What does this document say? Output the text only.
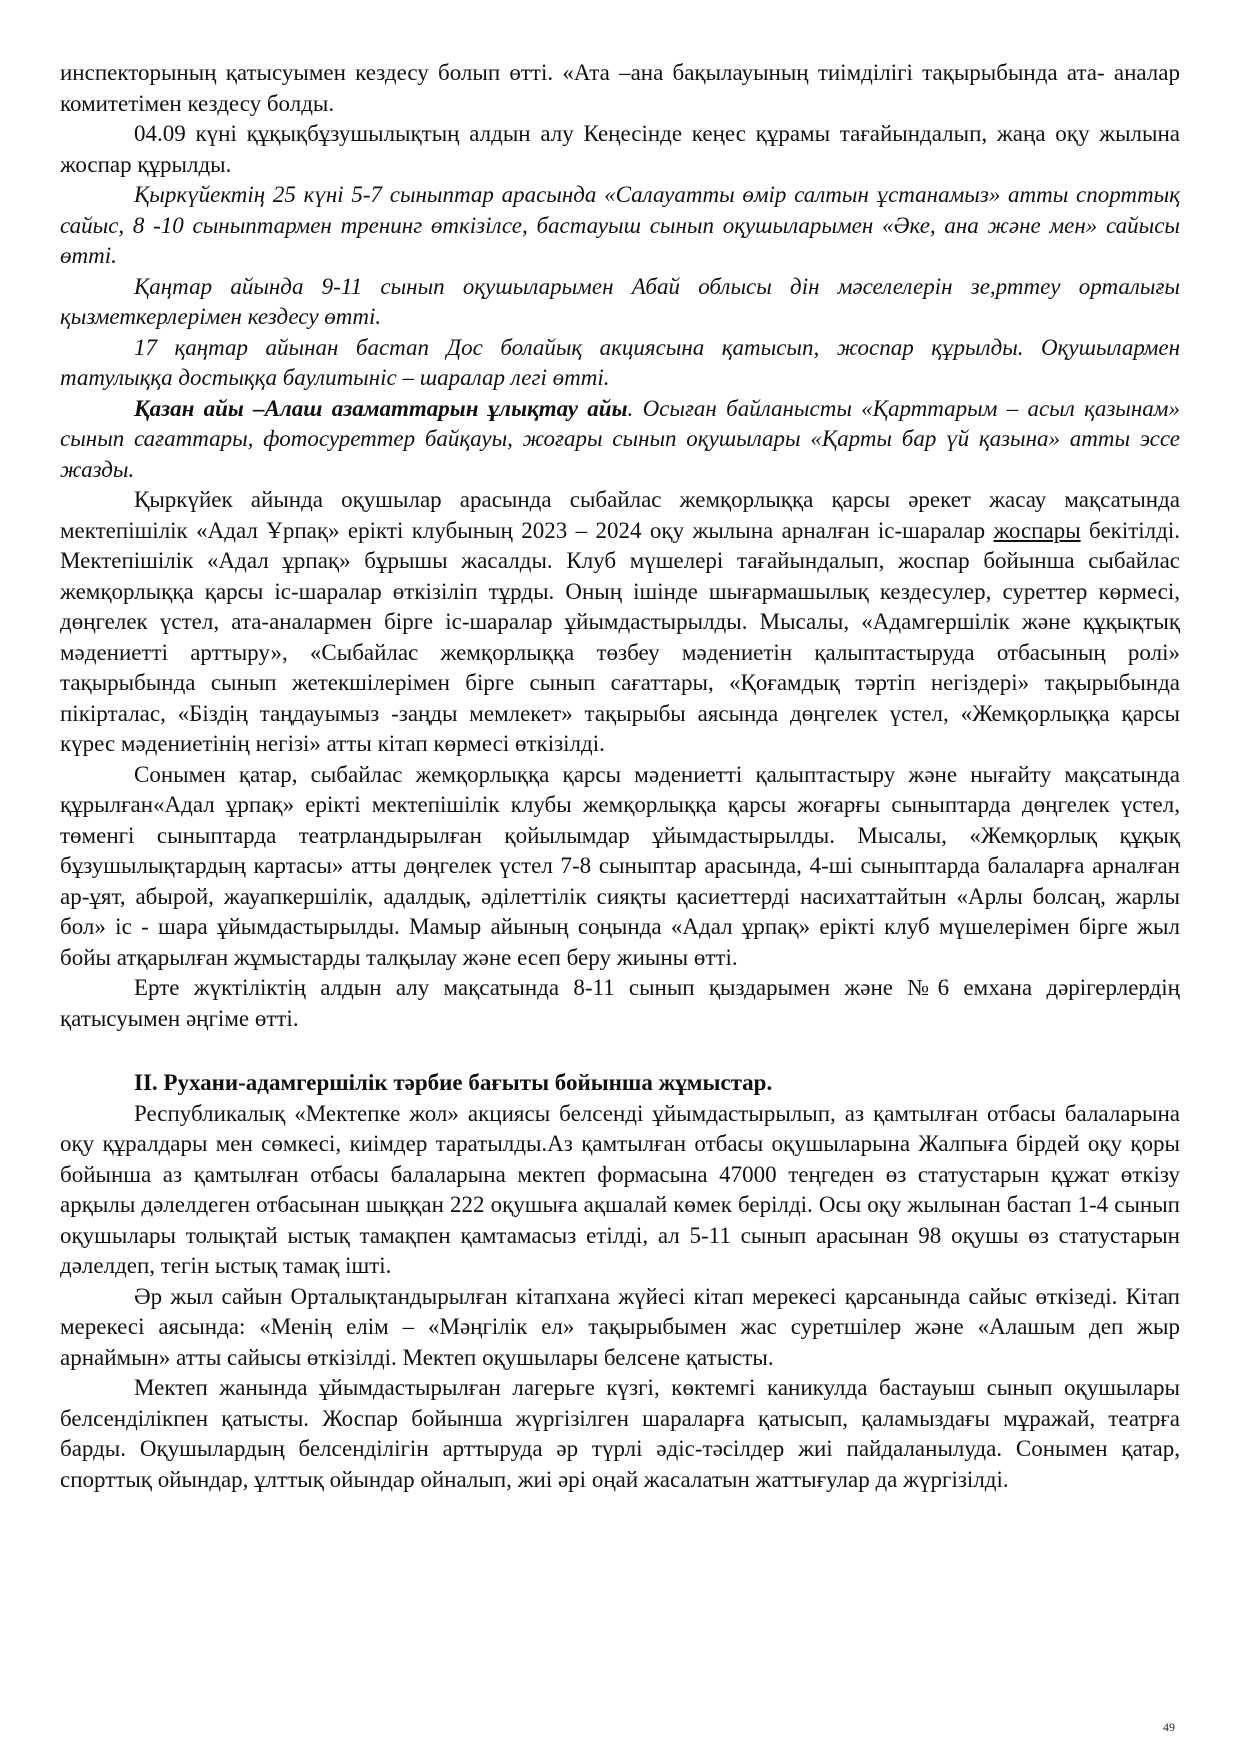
инспекторының қатысуымен кездесу болып өтті. «Ата –ана бақылауының тиімділігі тақырыбында ата- аналар комитетімен кездесу болды.

04.09 күні құқықбұзушылықтың алдын алу Кеңесінде кеңес құрамы тағайындалып, жаңа оқу жылына жоспар құрылды.

Қыркүйектің 25 күні 5-7 сыныптар арасында «Салауатты өмір салтын ұстанамыз» атты спорттық сайыс, 8 -10 сыныптармен тренинг өткізілсе, бастауыш сынып оқушыларымен «Әке, ана және мен» сайысы өтті.

Қаңтар айында 9-11 сынып оқушыларымен Абай облысы дін мәселелерін зе,рттеу орталығы қызметкерлерімен кездесу өтті.

17 қаңтар айынан бастап Дос болайық акциясына қатысып, жоспар құрылды. Оқушылармен татулыққа достыққа баулитыніс – шаралар легі өтті.

Қазан айы –Алаш азаматтарын ұлықтау айы. Осыған байланысты «Қарттарым – асыл қазынам» сынып сағаттары, фотосуреттер байқауы, жоғары сынып оқушылары «Қарты бар үй қазына» атты эссе жазды.

Қыркүйек айында оқушылар арасында сыбайлас жемқорлыққа қарсы әрекет жасау мақсатында мектепішілік «Адал Ұрпақ» ерікті клубының 2023 – 2024 оқу жылына арналған іс-шаралар жоспары бекітілді. Мектепішілік «Адал ұрпақ» бұрышы жасалды. Клуб мүшелері тағайындалып, жоспар бойынша сыбайлас жемқорлыққа қарсы іс-шаралар өткізіліп тұрды. Оның ішінде шығармашылық кездесулер, суреттер көрмесі, дөңгелек үстел, ата-аналармен бірге іс-шаралар ұйымдастырылды. Мысалы, «Адамгершілік және құқықтық мәдениетті арттыру», «Сыбайлас жемқорлыққа төзбеу мәдениетін қалыптастыруда отбасының ролі» тақырыбында сынып жетекшілерімен бірге сынып сағаттары, «Қоғамдық тәртіп негіздері» тақырыбында пікірталас, «Біздің таңдауымыз -заңды мемлекет» тақырыбы аясында дөңгелек үстел, «Жемқорлыққа қарсы күрес мәдениетінің негізі» атты кітап көрмесі өткізілді.

Сонымен қатар, сыбайлас жемқорлыққа қарсы мәдениетті қалыптастыру және нығайту мақсатында құрылған«Адал ұрпақ» ерікті мектепішілік клубы жемқорлыққа қарсы жоғарғы сыныптарда дөңгелек үстел, төменгі сыныптарда театрландырылған қойылымдар ұйымдастырылды. Мысалы, «Жемқорлық құқық бұзушылықтардың картасы» атты дөңгелек үстел 7-8 сыныптар арасында, 4-ші сыныптарда балаларға арналған ар-ұят, абырой, жауапкершілік, адалдық, әділеттілік сияқты қасиеттерді насихаттайтын «Арлы болсаң, жарлы бол» іс - шара ұйымдастырылды. Мамыр айының соңында «Адал ұрпақ» ерікті клуб мүшелерімен бірге жыл бойы атқарылған жұмыстарды талқылау және есеп беру жиыны өтті.

Ерте жүктіліктің алдын алу мақсатында 8-11 сынып қыздарымен және №6 емхана дәрігерлердің қатысуымен әңгіме өтті.

II. Рухани-адамгершілік тәрбие бағыты бойынша жұмыстар.

Республикалық «Мектепке жол» акциясы белсенді ұйымдастырылып, аз қамтылған отбасы балаларына оқу құралдары мен сөмкесі, киімдер таратылды.Аз қамтылған отбасы оқушыларына Жалпыға бірдей оқу қоры бойынша аз қамтылған отбасы балаларына мектеп формасына 47000 теңгеден өз статустарын құжат өткізу арқылы дәлелдеген отбасынан шыққан 222 оқушыға ақшалай көмек берілді. Осы оқу жылынан бастап 1-4 сынып оқушылары толықтай ыстық тамақпен қамтамасыз етілді, ал 5-11 сынып арасынан 98 оқушы өз статустарын дәлелдеп, тегін ыстық тамақ ішті.

Әр жыл сайын Орталықтандырылған кітапхана жүйесі кітап мерекесі қарсанында сайыс өткізеді. Кітап мерекесі аясында: «Менің елім – «Мәңгілік ел» тақырыбымен жас суретшілер және «Алашым деп жыр арнаймын» атты сайысы өткізілді. Мектеп оқушылары белсене қатысты.

Мектеп жанында ұйымдастырылған лагерьге күзгі, көктемгі каникулда бастауыш сынып оқушылары белсенділікпен қатысты. Жоспар бойынша жүргізілген шараларға қатысып, қаламыздағы мұражай, театрға барды. Оқушылардың белсенділігін арттыруда әр түрлі әдіс-тәсілдер жиі пайдаланылуда. Сонымен қатар, спорттық ойындар, ұлттық ойындар ойналып, жиі әрі оңай жасалатын жаттығулар да жүргізілді.

49
